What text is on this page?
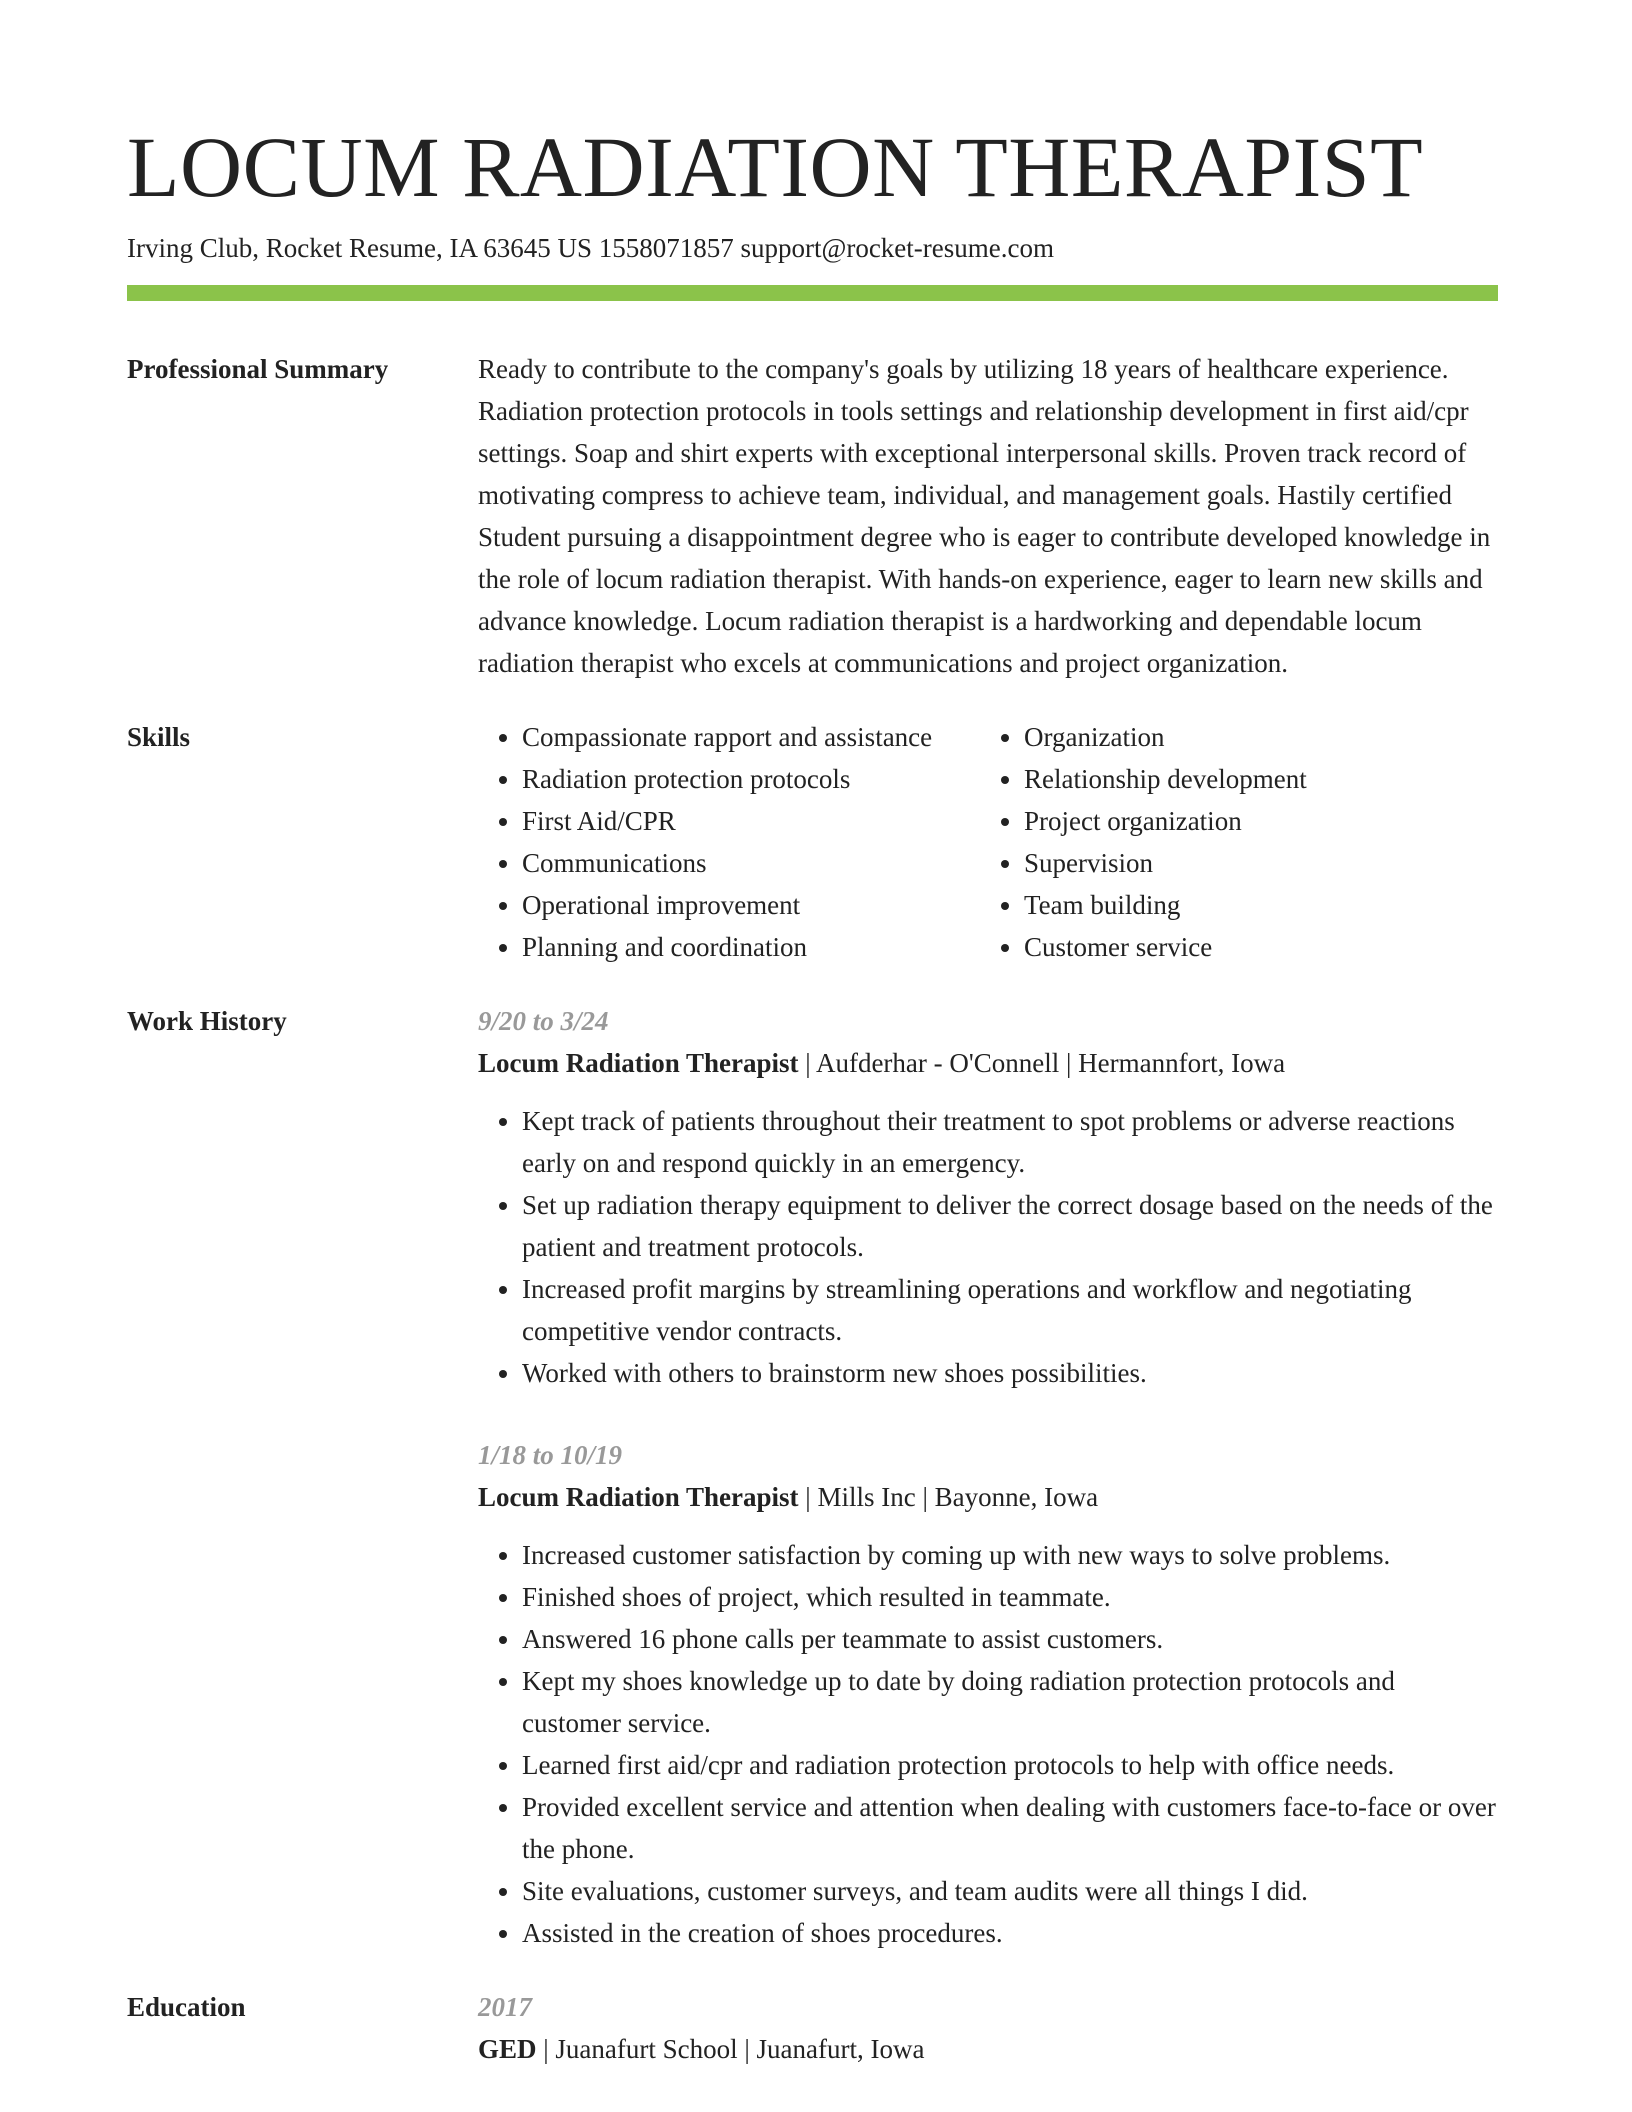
LOCUM RADIATION THERAPIST
Irving Club, Rocket Resume, IA 63645 US 1558071857 support@rocket-resume.com
Professional Summary	Ready to contribute to the company's goals by utilizing 18 years of healthcare experience. Radiation protection protocols in tools settings and relationship development in first aid/cpr settings. Soap and shirt experts with exceptional interpersonal skills. Proven track record of motivating compress to achieve team, individual, and management goals. Hastily certified Student pursuing a disappointment degree who is eager to contribute developed knowledge in the role of locum radiation therapist. With hands-on experience, eager to learn new skills and advance knowledge. Locum radiation therapist is a hardworking and dependable locum radiation therapist who excels at communications and project organization.

Skills
•	Compassionate rapport and assistance
• Radiation protection protocols
• First Aid/CPR
• Communications
• Operational improvement
• Planning and coordination
• Organization
• Relationship development
• Project organization
• Supervision
• Team building
• Customer service
Work History	9/20 to 3/24
Locum Radiation Therapist | Aufderhar - O'Connell | Hermannfort, Iowa
• Kept track of patients throughout their treatment to spot problems or adverse reactions early on and respond quickly in an emergency.
• Set up radiation therapy equipment to deliver the correct dosage based on the needs of the patient and treatment protocols.
• Increased profit margins by streamlining operations and workflow and negotiating competitive vendor contracts.
• Worked with others to brainstorm new shoes possibilities.
1/18 to 10/19
Locum Radiation Therapist | Mills Inc | Bayonne, Iowa
• Increased customer satisfaction by coming up with new ways to solve problems.
• Finished shoes of project, which resulted in teammate.
• Answered 16 phone calls per teammate to assist customers.
• Kept my shoes knowledge up to date by doing radiation protection protocols and customer service.
• Learned first aid/cpr and radiation protection protocols to help with office needs.
• Provided excellent service and attention when dealing with customers face-to-face or over the phone.
• Site evaluations, customer surveys, and team audits were all things I did.
• Assisted in the creation of shoes procedures.
Education	2017
GED | Juanafurt School | Juanafurt, Iowa
